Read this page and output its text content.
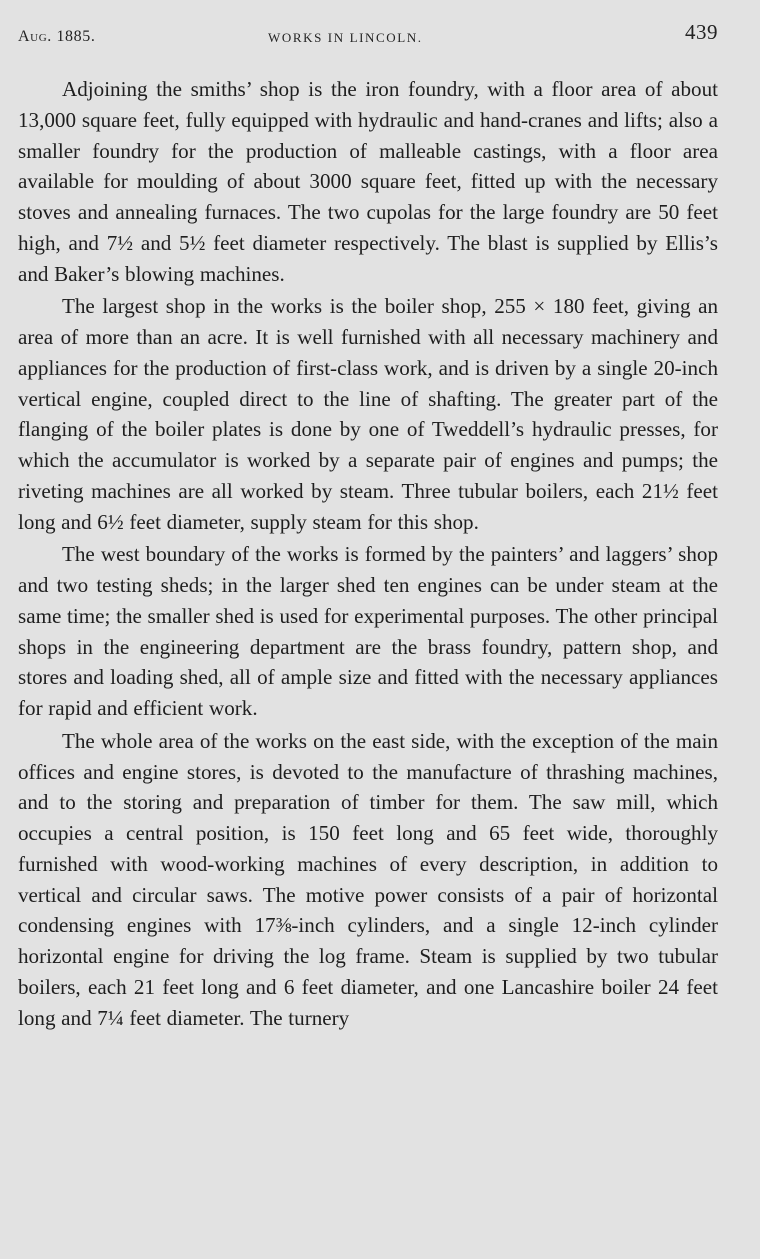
Aug. 1885.	WORKS IN LINCOLN.	439

Adjoining the smiths’ shop is the iron foundry, with a floor area of about 13,000 square feet, fully equipped with hydraulic and hand-cranes and lifts; also a smaller foundry for the production of malleable castings, with a floor area available for moulding of about 3000 square feet, fitted up with the necessary stoves and annealing furnaces. The two cupolas for the large foundry are 50 feet high, and 7½ and 5½ feet diameter respectively. The blast is supplied by Ellis’s and Baker’s blowing machines.

The largest shop in the works is the boiler shop, 255 × 180 feet, giving an area of more than an acre. It is well furnished with all necessary machinery and appliances for the production of first-class work, and is driven by a single 20-inch vertical engine, coupled direct to the line of shafting. The greater part of the flanging of the boiler plates is done by one of Tweddell’s hydraulic presses, for which the accumulator is worked by a separate pair of engines and pumps; the riveting machines are all worked by steam. Three tubular boilers, each 21½ feet long and 6½ feet diameter, supply steam for this shop.

The west boundary of the works is formed by the painters’ and laggers’ shop and two testing sheds; in the larger shed ten engines can be under steam at the same time; the smaller shed is used for experimental purposes. The other principal shops in the engineering department are the brass foundry, pattern shop, and stores and loading shed, all of ample size and fitted with the necessary appliances for rapid and efficient work.

The whole area of the works on the east side, with the exception of the main offices and engine stores, is devoted to the manufacture of thrashing machines, and to the storing and preparation of timber for them. The saw mill, which occupies a central position, is 150 feet long and 65 feet wide, thoroughly furnished with wood-working machines of every description, in addition to vertical and circular saws. The motive power consists of a pair of horizontal condensing engines with 17⅜-inch cylinders, and a single 12-inch cylinder horizontal engine for driving the log frame. Steam is supplied by two tubular boilers, each 21 feet long and 6 feet diameter, and one Lancashire boiler 24 feet long and 7¼ feet diameter. The turnery
